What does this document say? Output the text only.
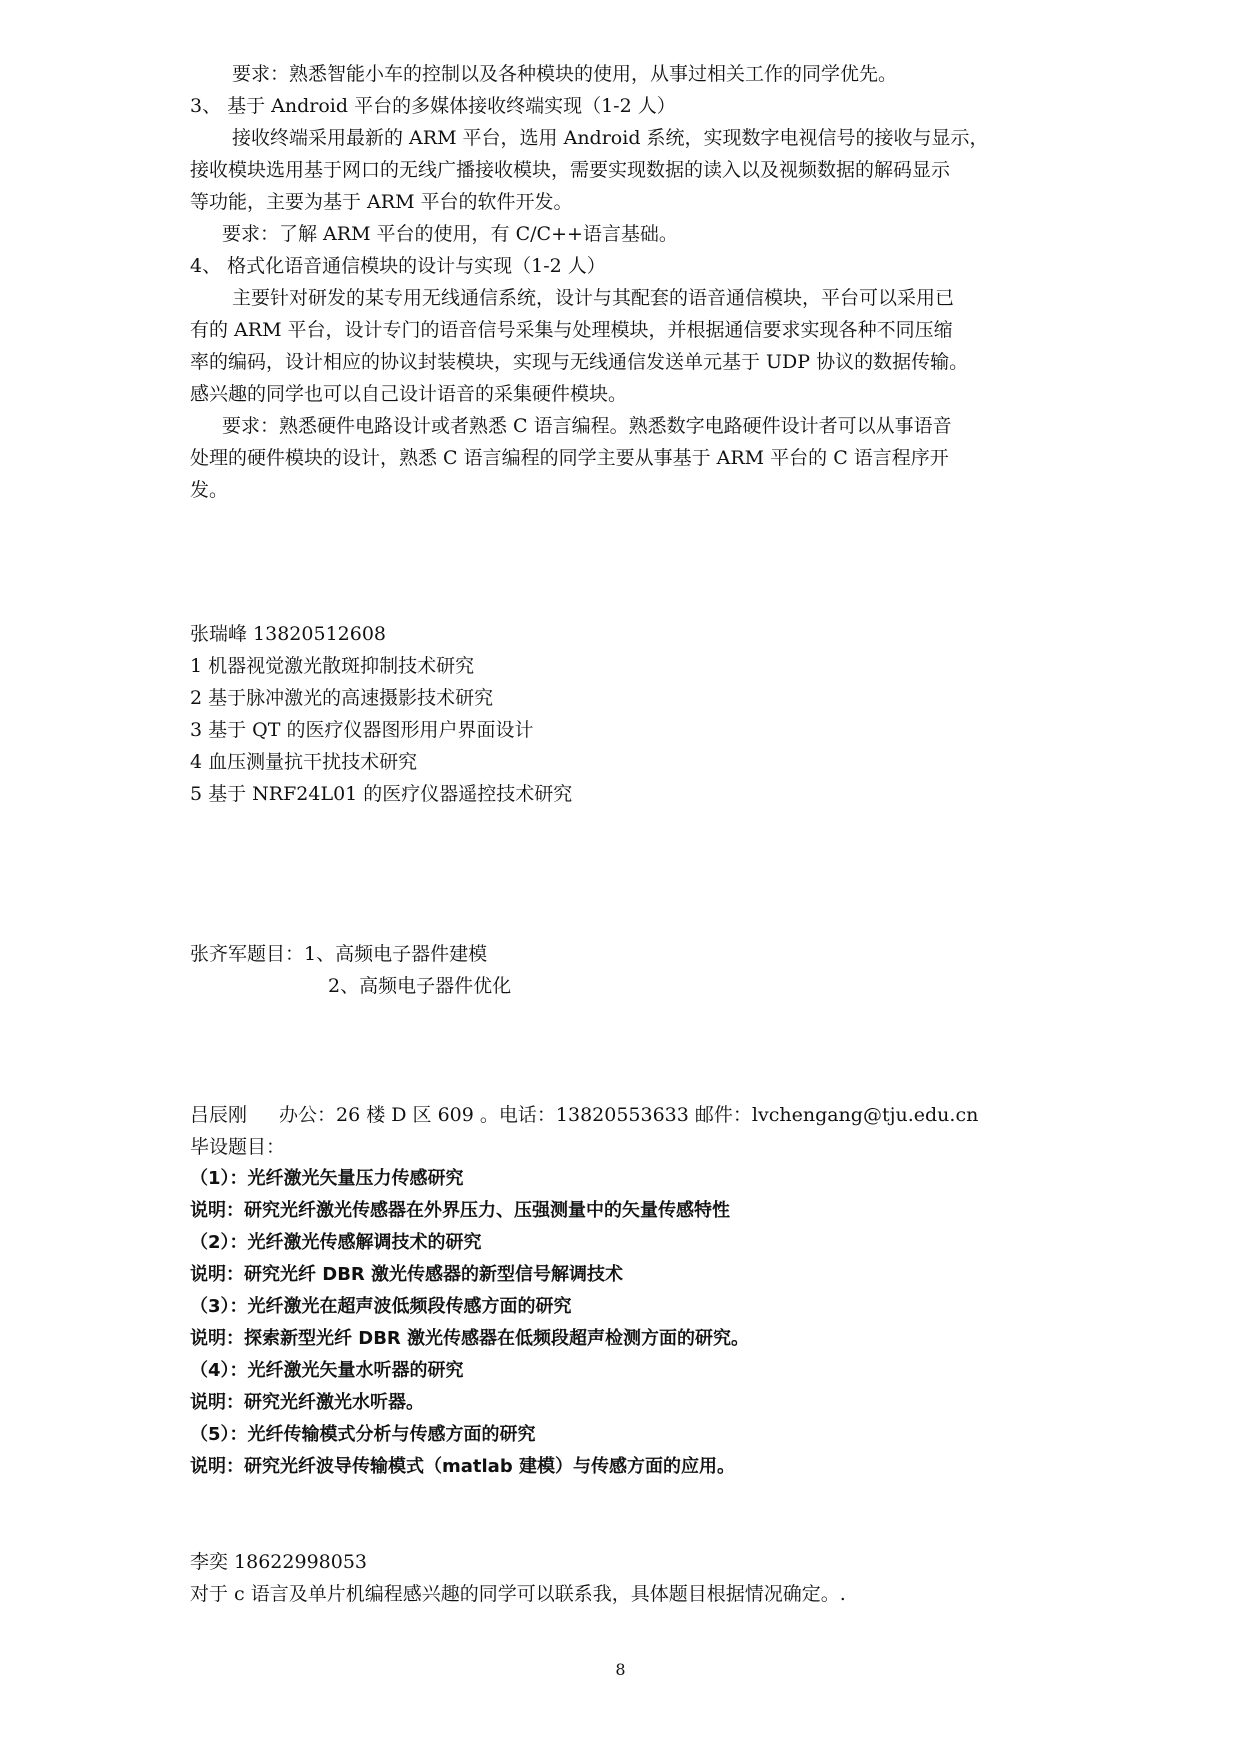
要求：熟悉智能小车的控制以及各种模块的使用，从事过相关工作的同学优先。
3、 基于 Android 平台的多媒体接收终端实现（1-2 人）
接收终端采用最新的 ARM 平台，选用 Android 系统，实现数字电视信号的接收与显示，
接收模块选用基于网口的无线广播接收模块，需要实现数据的读入以及视频数据的解码显示
等功能，主要为基于 ARM 平台的软件开发。
要求：了解 ARM 平台的使用，有 C/C++语言基础。
4、 格式化语音通信模块的设计与实现（1-2 人）
主要针对研发的某专用无线通信系统，设计与其配套的语音通信模块，平台可以采用已
有的 ARM 平台，设计专门的语音信号采集与处理模块，并根据通信要求实现各种不同压缩
率的编码，设计相应的协议封装模块，实现与无线通信发送单元基于 UDP 协议的数据传输。
感兴趣的同学也可以自己设计语音的采集硬件模块。
要求：熟悉硬件电路设计或者熟悉 C 语言编程。熟悉数字电路硬件设计者可以从事语音
处理的硬件模块的设计，熟悉 C 语言编程的同学主要从事基于 ARM 平台的 C 语言程序开
发。
张瑞峰 13820512608
1 机器视觉激光散斑抑制技术研究
2 基于脉冲激光的高速摄影技术研究
3 基于 QT 的医疗仪器图形用户界面设计
4 血压测量抗干扰技术研究
5 基于 NRF24L01 的医疗仪器遥控技术研究
张齐军题目：1、高频电子器件建模
2、高频电子器件优化
吕辰刚 办公：26 楼 D 区 609 。电话：13820553633 邮件：lvchengang@tju.edu.cn
毕设题目：
（1）：光纤激光矢量压力传感研究
说明：研究光纤激光传感器在外界压力、压强测量中的矢量传感特性
（2）：光纤激光传感解调技术的研究
说明：研究光纤 DBR 激光传感器的新型信号解调技术
（3）：光纤激光在超声波低频段传感方面的研究
说明：探索新型光纤 DBR 激光传感器在低频段超声检测方面的研究。
（4）：光纤激光矢量水听器的研究
说明：研究光纤激光水听器。
（5）：光纤传输模式分析与传感方面的研究
说明：研究光纤波导传输模式（matlab 建模）与传感方面的应用。
李奕 18622998053
对于 c 语言及单片机编程感兴趣的同学可以联系我，具体题目根据情况确定。.
8
